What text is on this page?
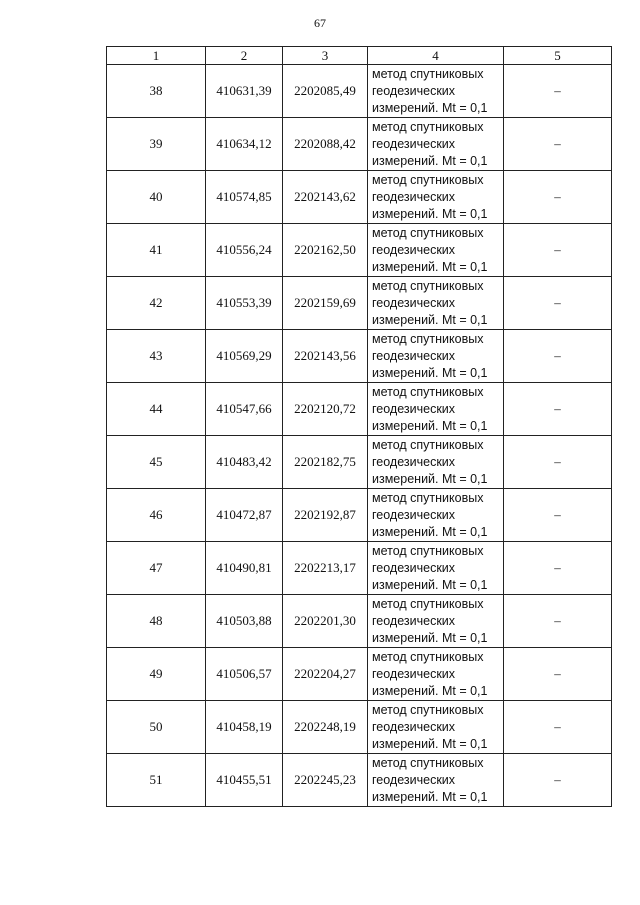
67
1	2	3	4	5
38	410631,39	2202085,49	метод спутниковых
геодезических
измерений. Mt = 0,1	–
39	410634,12	2202088,42	метод спутниковых
геодезических
измерений. Mt = 0,1	–
40	410574,85	2202143,62	метод спутниковых
геодезических
измерений. Mt = 0,1	–
41	410556,24	2202162,50	метод спутниковых
геодезических
измерений. Mt = 0,1	–
42	410553,39	2202159,69	метод спутниковых
геодезических
измерений. Mt = 0,1	–
43	410569,29	2202143,56	метод спутниковых
геодезических
измерений. Mt = 0,1	–
44	410547,66	2202120,72	метод спутниковых
геодезических
измерений. Mt = 0,1	–
45	410483,42	2202182,75	метод спутниковых
геодезических
измерений. Mt = 0,1	–
46	410472,87	2202192,87	метод спутниковых
геодезических
измерений. Mt = 0,1	–
47	410490,81	2202213,17	метод спутниковых
геодезических
измерений. Mt = 0,1	–
48	410503,88	2202201,30	метод спутниковых
геодезических
измерений. Mt = 0,1	–
49	410506,57	2202204,27	метод спутниковых
геодезических
измерений. Mt = 0,1	–
50	410458,19	2202248,19	метод спутниковых
геодезических
измерений. Mt = 0,1	–
51	410455,51	2202245,23	метод спутниковых
геодезических
измерений. Mt = 0,1	–
